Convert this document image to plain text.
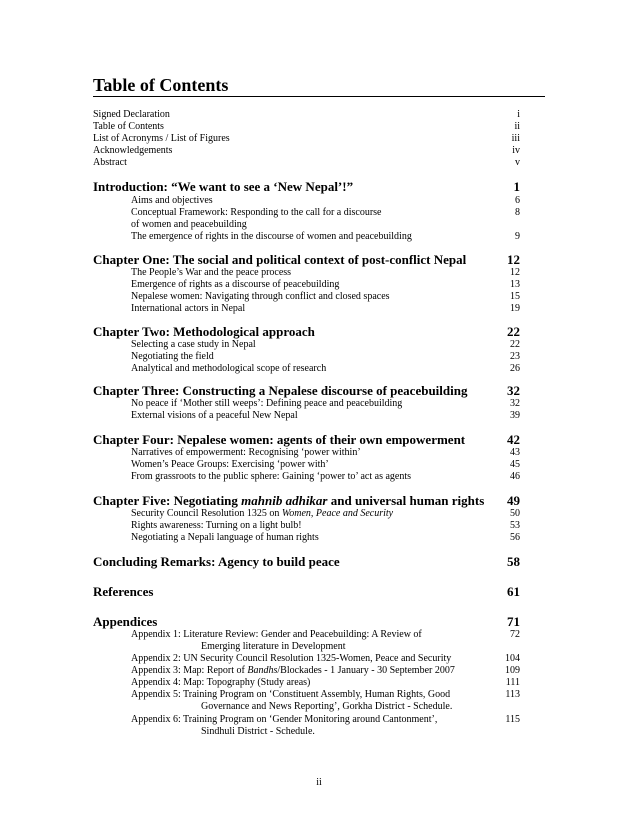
Table of Contents
Signed Declaration	i
Table of Contents	ii
List of Acronyms / List of Figures	iii
Acknowledgements	iv
Abstract	v
Introduction: “We want to see a ‘New Nepal’!”	1
Aims and objectives	6
Conceptual Framework: Responding to the call for a discourse	8
of women and peacebuilding
The emergence of rights in the discourse of women and peacebuilding	9
Chapter One: The social and political context of post-conflict Nepal	12
The People’s War and the peace process	12
Emergence of rights as a discourse of peacebuilding	13
Nepalese women: Navigating through conflict and closed spaces	15
International actors in Nepal	19
Chapter Two: Methodological approach	22
Selecting a case study in Nepal	22
Negotiating the field	23
Analytical and methodological scope of research	26
Chapter Three: Constructing a Nepalese discourse of peacebuilding	32
No peace if ‘Mother still weeps’: Defining peace and peacebuilding	32
External visions of a peaceful New Nepal	39
Chapter Four: Nepalese women: agents of their own empowerment	42
Narratives of empowerment: Recognising ‘power within’	43
Women’s Peace Groups: Exercising ‘power with’	45
From grassroots to the public sphere: Gaining ‘power to’ act as agents	46
Chapter Five: Negotiating mahnib adhikar and universal human rights 49
Security Council Resolution 1325 on Women, Peace and Security	50
Rights awareness: Turning on a light bulb!	53
Negotiating a Nepali language of human rights	56
Concluding Remarks: Agency to build peace	58
References	61
Appendices	71
Appendix 1: Literature Review: Gender and Peacebuilding: A Review of	72
Emerging literature in Development
Appendix 2: UN Security Council Resolution 1325-Women, Peace and Security	104
Appendix 3: Map: Report of Bandhs/Blockades - 1 January - 30 September 2007	109
Appendix 4: Map: Topography (Study areas)	111
Appendix 5: Training Program on ‘Constituent Assembly, Human Rights, Good	113
Governance and News Reporting’, Gorkha District - Schedule.
Appendix 6: Training Program on ‘Gender Monitoring around Cantonment’,	115
Sindhuli District - Schedule.
ii
